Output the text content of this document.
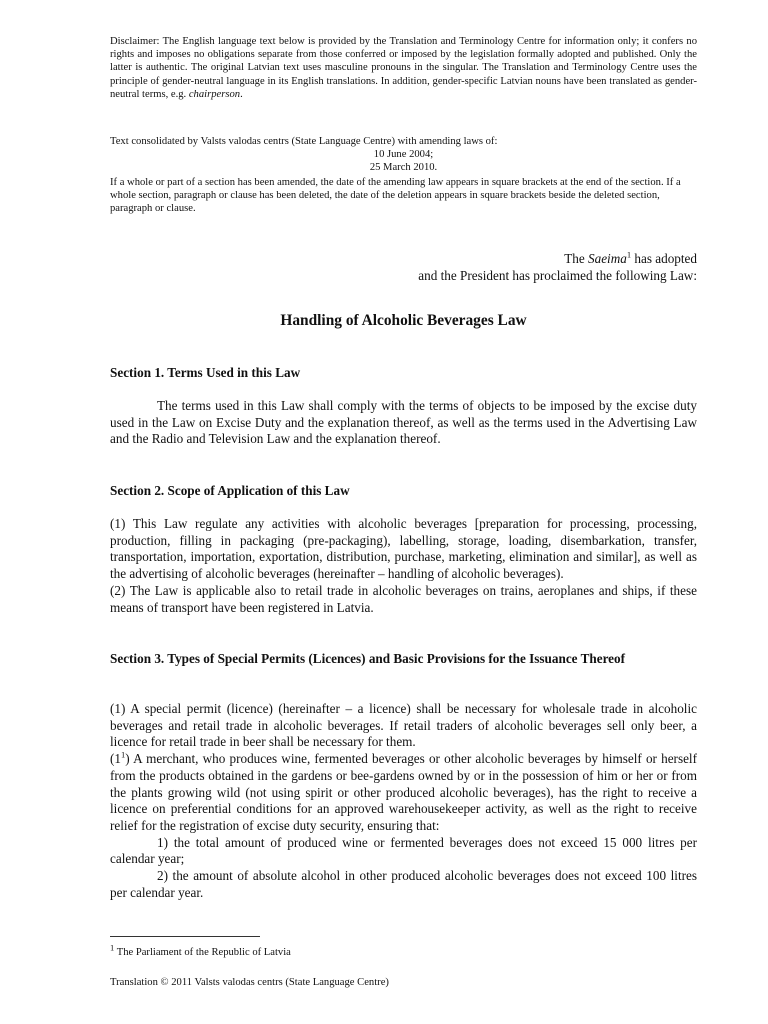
Disclaimer: The English language text below is provided by the Translation and Terminology Centre for information only; it confers no rights and imposes no obligations separate from those conferred or imposed by the legislation formally adopted and published. Only the latter is authentic. The original Latvian text uses masculine pronouns in the singular. The Translation and Terminology Centre uses the principle of gender-neutral language in its English translations. In addition, gender-specific Latvian nouns have been translated as gender-neutral terms, e.g. chairperson.
Text consolidated by Valsts valodas centrs (State Language Centre) with amending laws of:
10 June 2004;
25 March 2010.
If a whole or part of a section has been amended, the date of the amending law appears in square brackets at the end of the section. If a whole section, paragraph or clause has been deleted, the date of the deletion appears in square brackets beside the deleted section, paragraph or clause.
The Saeima$^1$ has adopted
and the President has proclaimed the following Law:
Handling of Alcoholic Beverages Law
Section 1. Terms Used in this Law

The terms used in this Law shall comply with the terms of objects to be imposed by the excise duty used in the Law on Excise Duty and the explanation thereof, as well as the terms used in the Advertising Law and the Radio and Television Law and the explanation thereof.

Section 2. Scope of Application of this Law

(1) This Law regulate any activities with alcoholic beverages [preparation for processing, processing, production, filling in packaging (pre-packaging), labelling, storage, loading, disembarkation, transfer, transportation, importation, exportation, distribution, purchase, marketing, elimination and similar], as well as the advertising of alcoholic beverages (hereinafter – handling of alcoholic beverages).

(2) The Law is applicable also to retail trade in alcoholic beverages on trains, aeroplanes and ships, if these means of transport have been registered in Latvia.

Section 3. Types of Special Permits (Licences) and Basic Provisions for the Issuance Thereof

(1) A special permit (licence) (hereinafter – a licence) shall be necessary for wholesale trade in alcoholic beverages and retail trade in alcoholic beverages. If retail traders of alcoholic beverages sell only beer, a licence for retail trade in beer shall be necessary for them.

$(1^1)$ A merchant, who produces wine, fermented beverages or other alcoholic beverages by himself or herself from the products obtained in the gardens or bee-gardens owned by or in the possession of him or her or from the plants growing wild (not using spirit or other produced alcoholic beverages), has the right to receive a licence on preferential conditions for an approved warehousekeeper activity, as well as the right to receive relief for the registration of excise duty security, ensuring that:

1) the total amount of produced wine or fermented beverages does not exceed 15 000 litres per calendar year;

2) the amount of absolute alcohol in other produced alcoholic beverages does not exceed 100 litres per calendar year.

$^1$ The Parliament of the Republic of Latvia
Translation © 2011 Valsts valodas centrs (State Language Centre)
